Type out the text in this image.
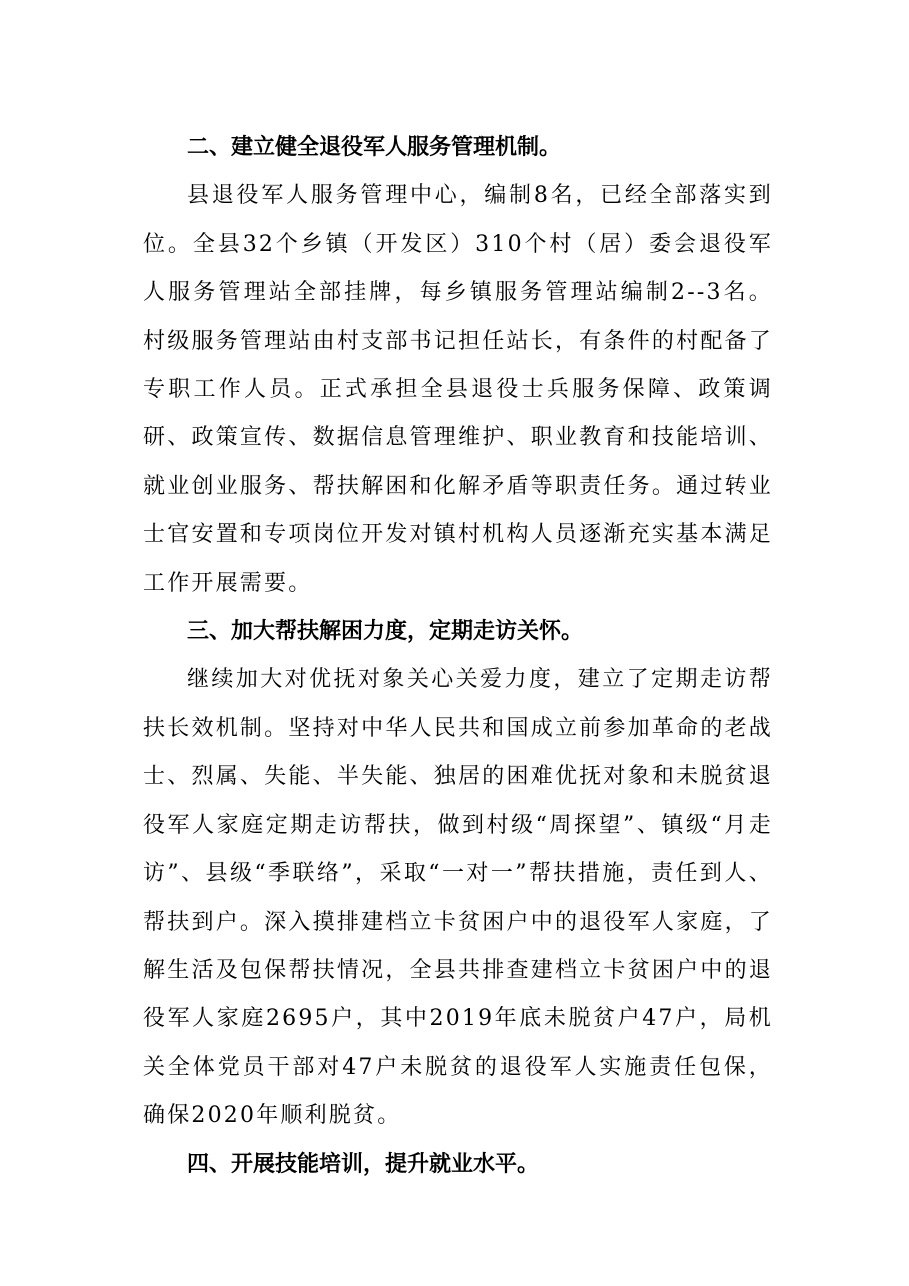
二、建立健全退役军人服务管理机制。

县退役军人服务管理中心，编制8名，已经全部落实到位。全县32个乡镇（开发区）310个村（居）委会退役军人服务管理站全部挂牌，每乡镇服务管理站编制2--3名。村级服务管理站由村支部书记担任站长，有条件的村配备了专职工作人员。正式承担全县退役士兵服务保障、政策调研、政策宣传、数据信息管理维护、职业教育和技能培训、就业创业服务、帮扶解困和化解矛盾等职责任务。通过转业士官安置和专项岗位开发对镇村机构人员逐渐充实基本满足工作开展需要。

三、加大帮扶解困力度，定期走访关怀。

继续加大对优抚对象关心关爱力度，建立了定期走访帮扶长效机制。坚持对中华人民共和国成立前参加革命的老战士、烈属、失能、半失能、独居的困难优抚对象和未脱贫退役军人家庭定期走访帮扶，做到村级“周探望”、镇级“月走访”、县级“季联络”，采取“一对一”帮扶措施，责任到人、帮扶到户。深入摸排建档立卡贫困户中的退役军人家庭，了解生活及包保帮扶情况，全县共排查建档立卡贫困户中的退役军人家庭2695户，其中2019年底未脱贫户47户，局机关全体党员干部对47户未脱贫的退役军人实施责任包保，确保2020年顺利脱贫。

四、开展技能培训，提升就业水平。
